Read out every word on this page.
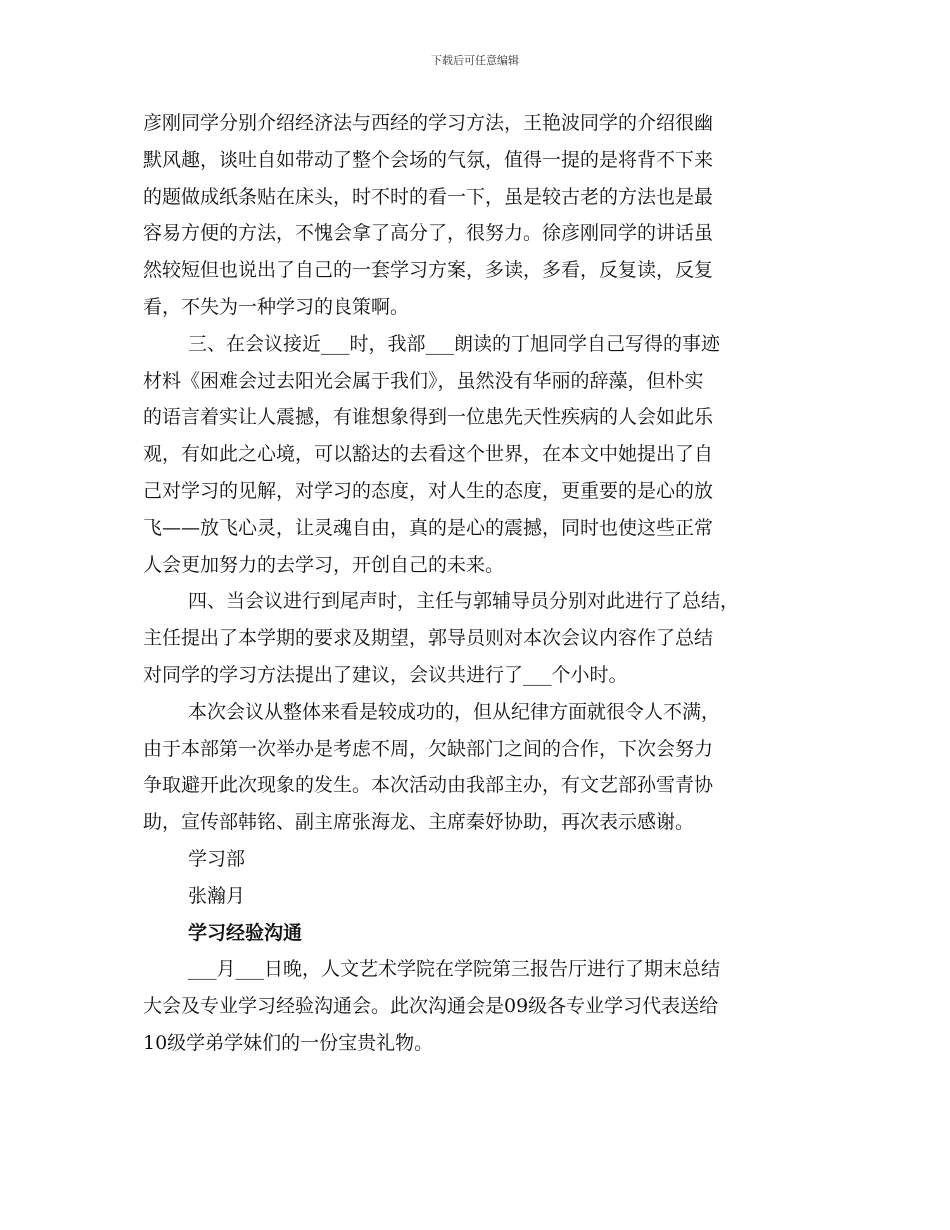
下载后可任意编辑
彦刚同学分别介绍经济法与西经的学习方法，王艳波同学的介绍很幽
默风趣，谈吐自如带动了整个会场的气氛，值得一提的是将背不下来
的题做成纸条贴在床头，时不时的看一下，虽是较古老的方法也是最
容易方便的方法，不愧会拿了高分了，很努力。徐彦刚同学的讲话虽
然较短但也说出了自己的一套学习方案，多读，多看，反复读，反复
看，不失为一种学习的良策啊。
三、在会议接近___时，我部___朗读的丁旭同学自己写得的事迹
材料《困难会过去阳光会属于我们》，虽然没有华丽的辞藻，但朴实
的语言着实让人震撼，有谁想象得到一位患先天性疾病的人会如此乐
观，有如此之心境，可以豁达的去看这个世界，在本文中她提出了自
己对学习的见解，对学习的态度，对人生的态度，更重要的是心的放
飞——放飞心灵，让灵魂自由，真的是心的震撼，同时也使这些正常
人会更加努力的去学习，开创自己的未来。
四、当会议进行到尾声时，主任与郭辅导员分别对此进行了总结，
主任提出了本学期的要求及期望，郭导员则对本次会议内容作了总结
对同学的学习方法提出了建议，会议共进行了___个小时。
本次会议从整体来看是较成功的，但从纪律方面就很令人不满，
由于本部第一次举办是考虑不周，欠缺部门之间的合作，下次会努力
争取避开此次现象的发生。本次活动由我部主办，有文艺部孙雪青协
助，宣传部韩铭、副主席张海龙、主席秦妤协助，再次表示感谢。
学习部
张瀚月
学习经验沟通
___月___日晚，人文艺术学院在学院第三报告厅进行了期末总结
大会及专业学习经验沟通会。此次沟通会是09级各专业学习代表送给
10级学弟学妹们的一份宝贵礼物。
